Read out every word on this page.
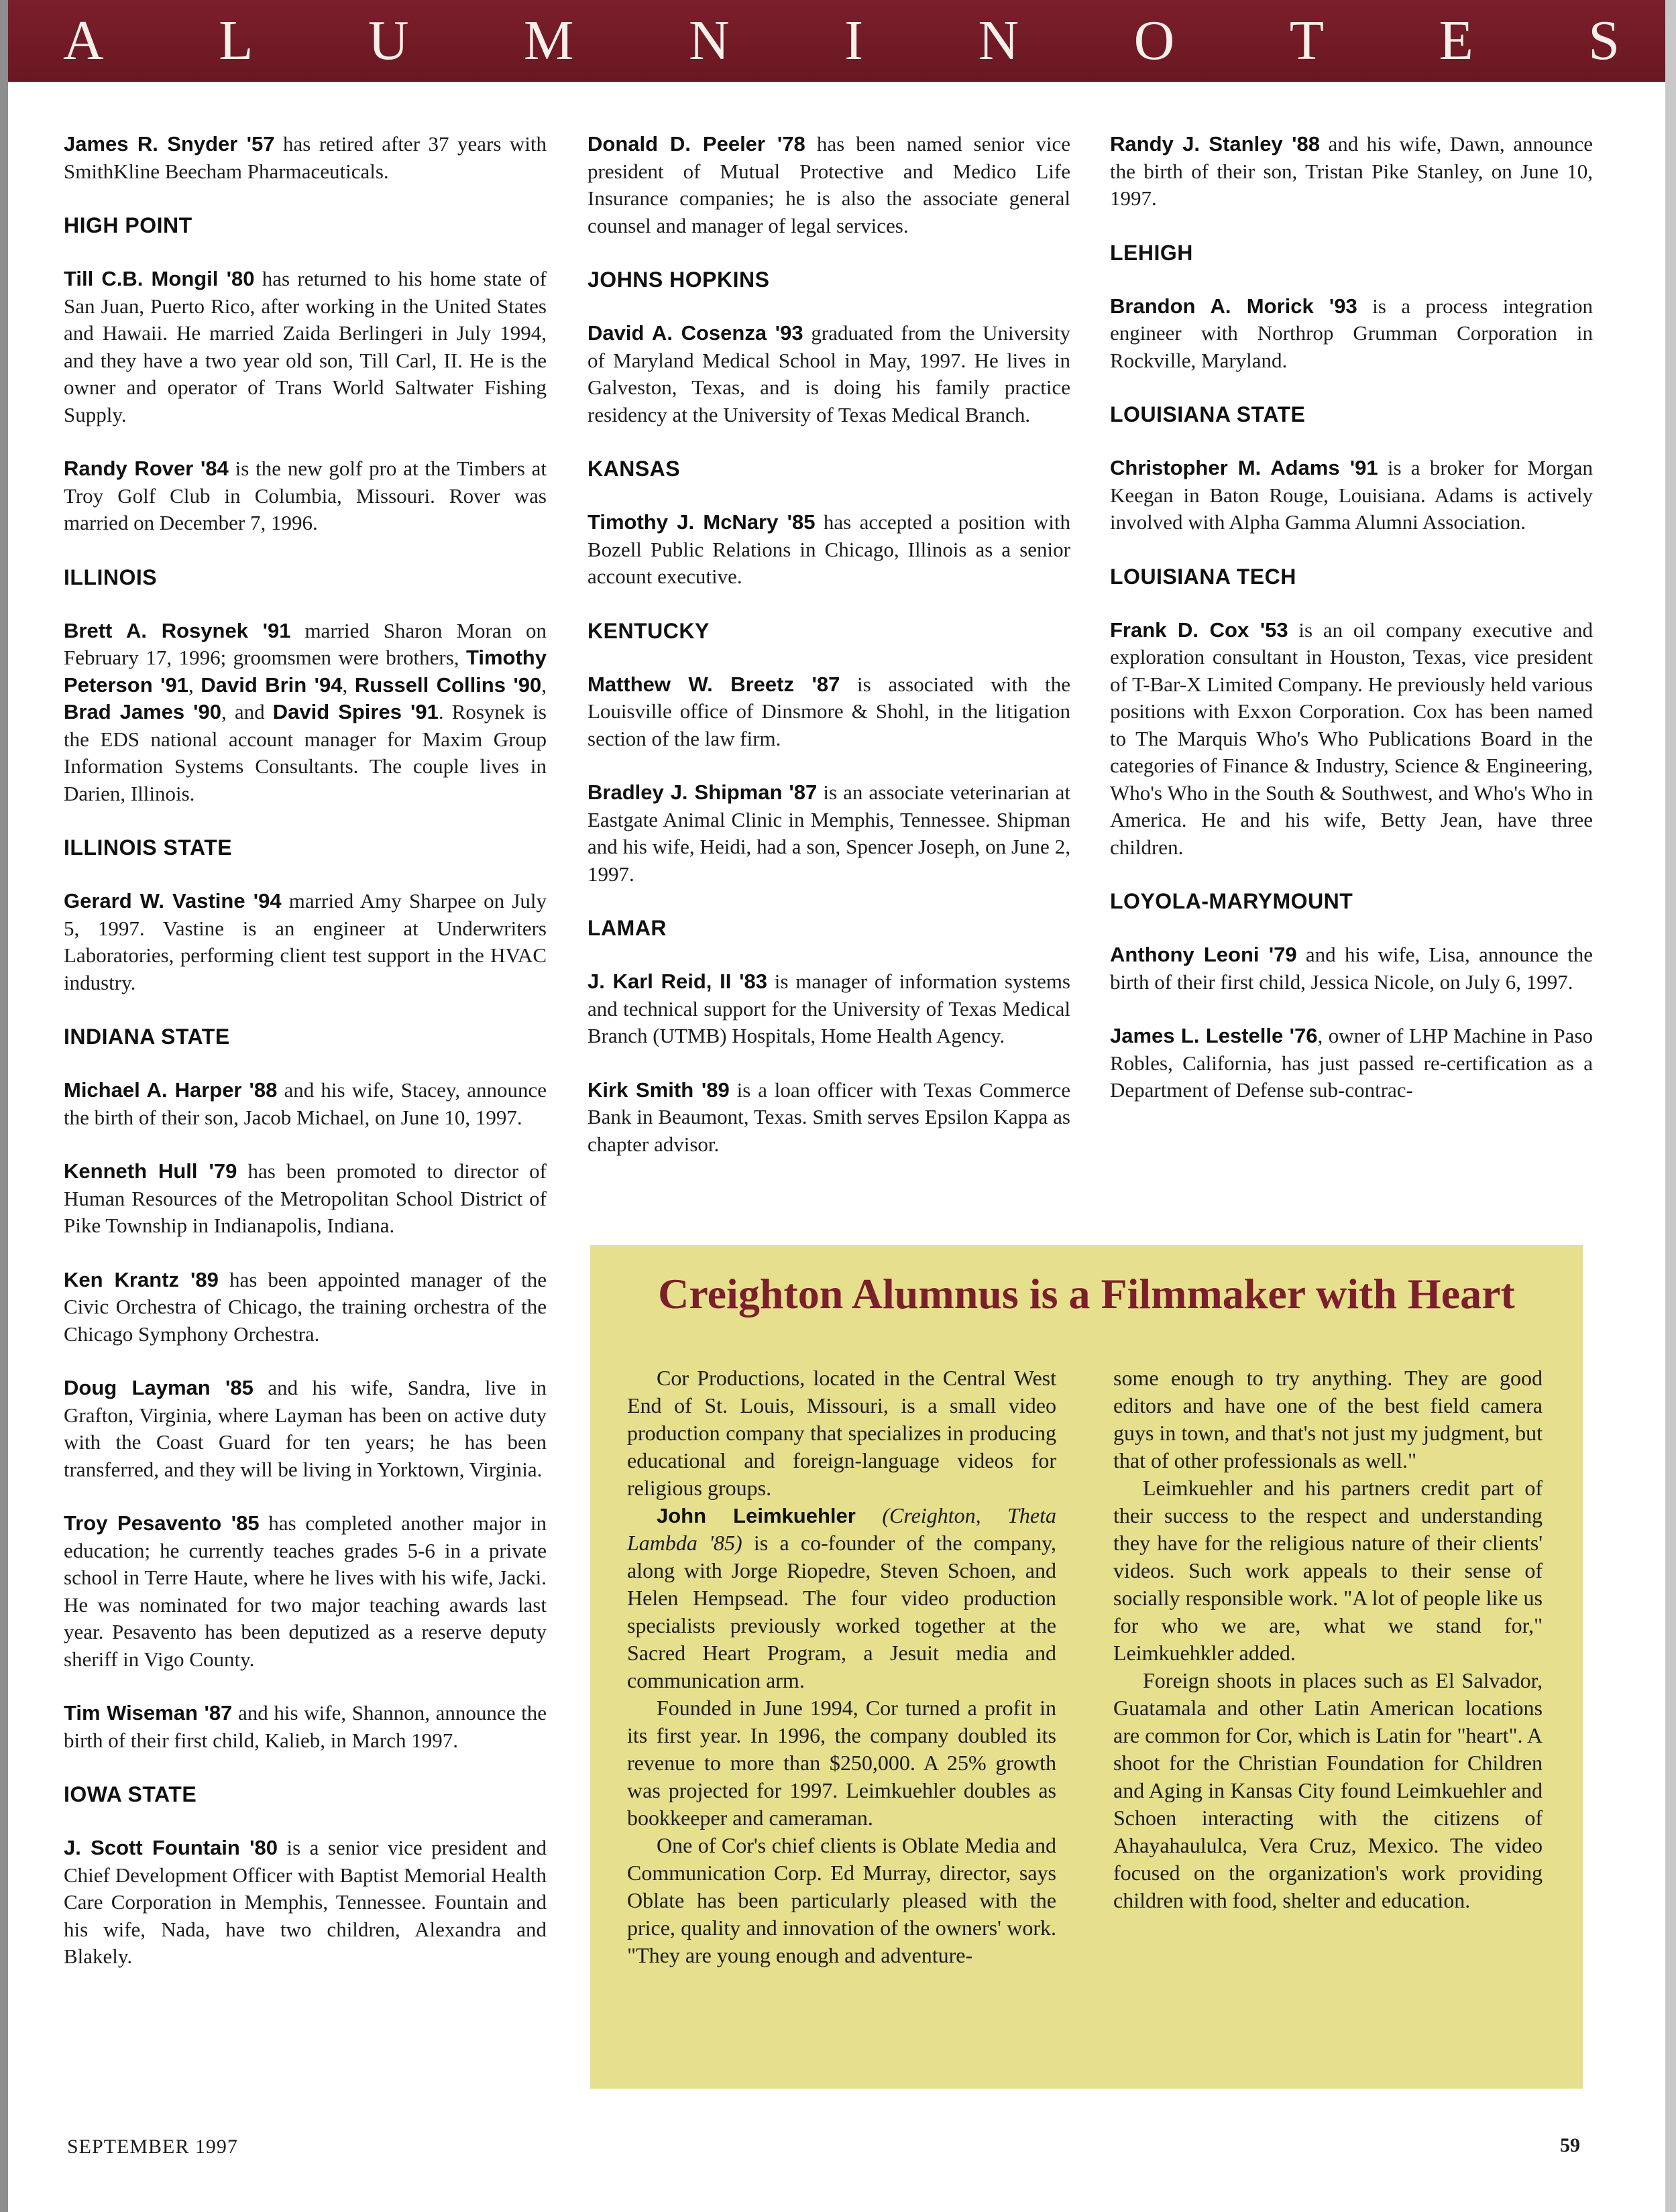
A L U M N I N O T E S

James R. Snyder '57 has retired after 37 years with SmithKline Beecham Pharmaceuticals.

HIGH POINT

Till C.B. Mongil '80 has returned to his home state of San Juan, Puerto Rico, after working in the United States and Hawaii. He married Zaida Berlingeri in July 1994, and they have a two year old son, Till Carl, II. He is the owner and operator of Trans World Saltwater Fishing Supply.

Randy Rover '84 is the new golf pro at the Timbers at Troy Golf Club in Columbia, Missouri. Rover was married on December 7, 1996.

ILLINOIS

Brett A. Rosynek '91 married Sharon Moran on February 17, 1996; groomsmen were brothers, Timothy Peterson '91, David Brin '94, Russell Collins '90, Brad James '90, and David Spires '91. Rosynek is the EDS national account manager for Maxim Group Information Systems Consultants. The couple lives in Darien, Illinois.

ILLINOIS STATE

Gerard W. Vastine '94 married Amy Sharpee on July 5, 1997. Vastine is an engineer at Underwriters Laboratories, performing client test support in the HVAC industry.

INDIANA STATE

Michael A. Harper '88 and his wife, Stacey, announce the birth of their son, Jacob Michael, on June 10, 1997.

Kenneth Hull '79 has been promoted to director of Human Resources of the Metropolitan School District of Pike Township in Indianapolis, Indiana.

Ken Krantz '89 has been appointed manager of the Civic Orchestra of Chicago, the training orchestra of the Chicago Symphony Orchestra.

Doug Layman '85 and his wife, Sandra, live in Grafton, Virginia, where Layman has been on active duty with the Coast Guard for ten years; he has been transferred, and they will be living in Yorktown, Virginia.

Troy Pesavento '85 has completed another major in education; he currently teaches grades 5-6 in a private school in Terre Haute, where he lives with his wife, Jacki. He was nominated for two major teaching awards last year. Pesavento has been deputized as a reserve deputy sheriff in Vigo County.

Tim Wiseman '87 and his wife, Shannon, announce the birth of their first child, Kalieb, in March 1997.

IOWA STATE

J. Scott Fountain '80 is a senior vice president and Chief Development Officer with Baptist Memorial Health Care Corporation in Memphis, Tennessee. Fountain and his wife, Nada, have two children, Alexandra and Blakely.

Donald D. Peeler '78 has been named senior vice president of Mutual Protective and Medico Life Insurance companies; he is also the associate general counsel and manager of legal services.

JOHNS HOPKINS

David A. Cosenza '93 graduated from the University of Maryland Medical School in May, 1997. He lives in Galveston, Texas, and is doing his family practice residency at the University of Texas Medical Branch.

KANSAS

Timothy J. McNary '85 has accepted a position with Bozell Public Relations in Chicago, Illinois as a senior account executive.

KENTUCKY

Matthew W. Breetz '87 is associated with the Louisville office of Dinsmore & Shohl, in the litigation section of the law firm.

Bradley J. Shipman '87 is an associate veterinarian at Eastgate Animal Clinic in Memphis, Tennessee. Shipman and his wife, Heidi, had a son, Spencer Joseph, on June 2, 1997.

LAMAR

J. Karl Reid, II '83 is manager of information systems and technical support for the University of Texas Medical Branch (UTMB) Hospitals, Home Health Agency.

Kirk Smith '89 is a loan officer with Texas Commerce Bank in Beaumont, Texas. Smith serves Epsilon Kappa as chapter advisor.

Randy J. Stanley '88 and his wife, Dawn, announce the birth of their son, Tristan Pike Stanley, on June 10, 1997.

LEHIGH

Brandon A. Morick '93 is a process integration engineer with Northrop Grumman Corporation in Rockville, Maryland.

LOUISIANA STATE

Christopher M. Adams '91 is a broker for Morgan Keegan in Baton Rouge, Louisiana. Adams is actively involved with Alpha Gamma Alumni Association.

LOUISIANA TECH

Frank D. Cox '53 is an oil company executive and exploration consultant in Houston, Texas, vice president of T-Bar-X Limited Company. He previously held various positions with Exxon Corporation. Cox has been named to The Marquis Who's Who Publications Board in the categories of Finance & Industry, Science & Engineering, Who's Who in the South & Southwest, and Who's Who in America. He and his wife, Betty Jean, have three children.

LOYOLA-MARYMOUNT

Anthony Leoni '79 and his wife, Lisa, announce the birth of their first child, Jessica Nicole, on July 6, 1997.

James L. Lestelle '76, owner of LHP Machine in Paso Robles, California, has just passed re-certification as a Department of Defense sub-contrac-

Creighton Alumnus is a Filmmaker with Heart

Cor Productions, located in the Central West End of St. Louis, Missouri, is a small video production company that specializes in producing educational and foreign-language videos for religious groups.

John Leimkuehler (Creighton, Theta Lambda '85) is a co-founder of the company, along with Jorge Riopedre, Steven Schoen, and Helen Hempsead. The four video production specialists previously worked together at the Sacred Heart Program, a Jesuit media and communication arm.

Founded in June 1994, Cor turned a profit in its first year. In 1996, the company doubled its revenue to more than $250,000. A 25% growth was projected for 1997. Leimkuehler doubles as bookkeeper and cameraman.

One of Cor's chief clients is Oblate Media and Communication Corp. Ed Murray, director, says Oblate has been particularly pleased with the price, quality and innovation of the owners' work. "They are young enough and adventure-

some enough to try anything. They are good editors and have one of the best field camera guys in town, and that's not just my judgment, but that of other professionals as well."

Leimkuehler and his partners credit part of their success to the respect and understanding they have for the religious nature of their clients' videos. Such work appeals to their sense of socially responsible work. "A lot of people like us for who we are, what we stand for," Leimkuehkler added.

Foreign shoots in places such as El Salvador, Guatamala and other Latin American locations are common for Cor, which is Latin for "heart". A shoot for the Christian Foundation for Children and Aging in Kansas City found Leimkuehler and Schoen interacting with the citizens of Ahayahaululca, Vera Cruz, Mexico. The video focused on the organization's work providing children with food, shelter and education.

SEPTEMBER 1997	59
